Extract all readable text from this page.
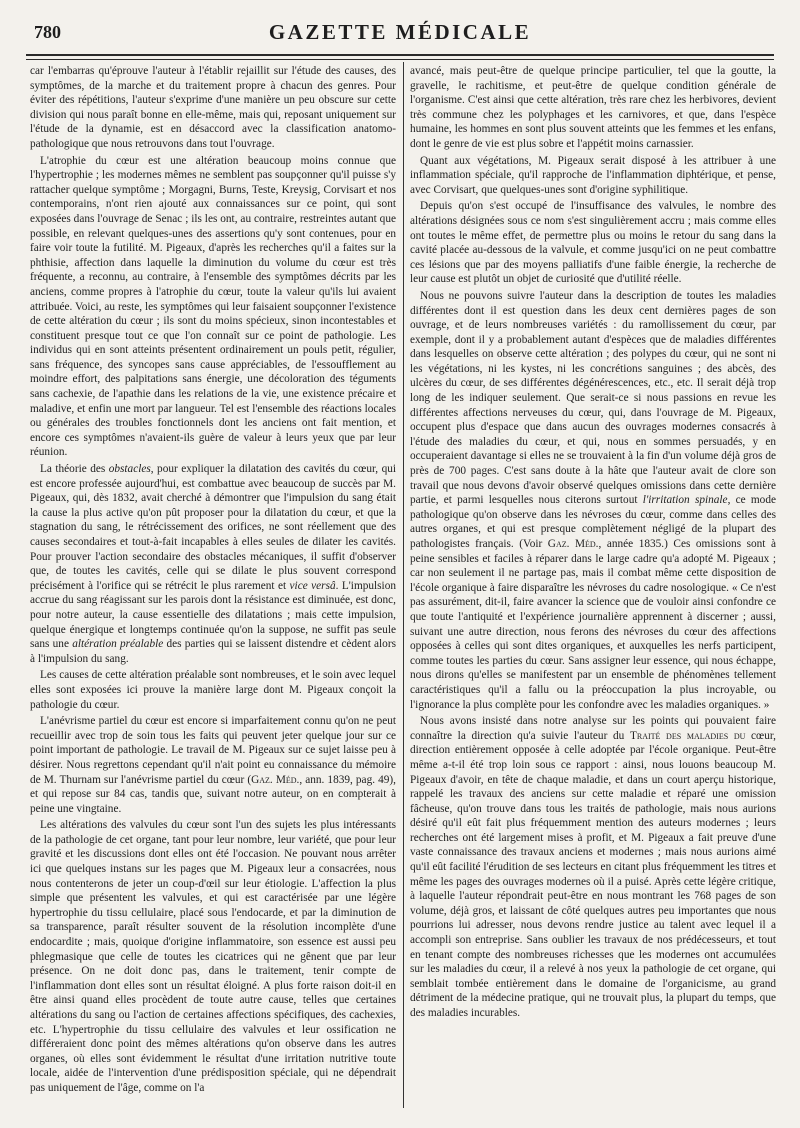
780	GAZETTE MÉDICALE

car l'embarras qu'éprouve l'auteur à l'établir rejaillit sur l'étude des causes, des symptômes, de la marche et du traitement propre à chacun des genres. Pour éviter des répétitions, l'auteur s'exprime d'une manière un peu obscure sur cette division qui nous paraît bonne en elle-même, mais qui, reposant uniquement sur l'étude de la dynamie, est en désaccord avec la classification anatomo-pathologique que nous retrouvons dans tout l'ouvrage.

L'atrophie du cœur est une altération beaucoup moins connue que l'hypertrophie ; les modernes mêmes ne semblent pas soupçonner qu'il puisse s'y rattacher quelque symptôme ; Morgagni, Burns, Teste, Kreysig, Corvisart et nos contemporains, n'ont rien ajouté aux connaissances sur ce point, qui sont exposées dans l'ouvrage de Senac ; ils les ont, au contraire, restreintes autant que possible, en relevant quelques-unes des assertions qu'y sont contenues, pour en faire voir toute la futilité. M. Pigeaux, d'après les recherches qu'il a faites sur la phthisie, affection dans laquelle la diminution du volume du cœur est très fréquente, a reconnu, au contraire, à l'ensemble des symptômes décrits par les anciens, comme propres à l'atrophie du cœur, toute la valeur qu'ils lui avaient attribuée. Voici, au reste, les symptômes qui leur faisaient soupçonner l'existence de cette altération du cœur ; ils sont du moins spécieux, sinon incontestables et constituent presque tout ce que l'on connaît sur ce point de pathologie. Les individus qui en sont atteints présentent ordinairement un pouls petit, régulier, sans fréquence, des syncopes sans cause appréciables, de l'essoufflement au moindre effort, des palpitations sans énergie, une décoloration des téguments sans cachexie, de l'apathie dans les relations de la vie, une existence précaire et maladive, et enfin une mort par langueur. Tel est l'ensemble des réactions locales ou générales des troubles fonctionnels dont les anciens ont fait mention, et encore ces symptômes n'avaient-ils guère de valeur à leurs yeux que par leur réunion.

La théorie des obstacles, pour expliquer la dilatation des cavités du cœur, qui est encore professée aujourd'hui, est combattue avec beaucoup de succès par M. Pigeaux, qui, dès 1832, avait cherché à démontrer que l'impulsion du sang était la cause la plus active qu'on pût proposer pour la dilatation du cœur, et que la stagnation du sang, le rétrécissement des orifices, ne sont réellement que des causes secondaires et tout-à-fait incapables à elles seules de dilater les cavités. Pour prouver l'action secondaire des obstacles mécaniques, il suffit d'observer que, de toutes les cavités, celle qui se dilate le plus souvent correspond précisément à l'orifice qui se rétrécit le plus rarement et vice versâ. L'impulsion accrue du sang réagissant sur les parois dont la résistance est diminuée, est donc, pour notre auteur, la cause essentielle des dilatations ; mais cette impulsion, quelque énergique et longtemps continuée qu'on la suppose, ne suffit pas seule sans une altération préalable des parties qui se laissent distendre et cèdent alors à l'impulsion du sang.

Les causes de cette altération préalable sont nombreuses, et le soin avec lequel elles sont exposées ici prouve la manière large dont M. Pigeaux conçoit la pathologie du cœur.

L'anévrisme partiel du cœur est encore si imparfaitement connu qu'on ne peut recueillir avec trop de soin tous les faits qui peuvent jeter quelque jour sur ce point important de pathologie. Le travail de M. Pigeaux sur ce sujet laisse peu à désirer. Nous regrettons cependant qu'il n'ait point eu connaissance du mémoire de M. Thurnam sur l'anévrisme partiel du cœur (Gaz. Méd., ann. 1839, pag. 49), et qui repose sur 84 cas, tandis que, suivant notre auteur, on en compterait à peine une vingtaine.

Les altérations des valvules du cœur sont l'un des sujets les plus intéressants de la pathologie de cet organe, tant pour leur nombre, leur variété, que pour leur gravité et les discussions dont elles ont été l'occasion. Ne pouvant nous arrêter ici que quelques instans sur les pages que M. Pigeaux leur a consacrées, nous nous contenterons de jeter un coup-d'œil sur leur étiologie. L'affection la plus simple que présentent les valvules, et qui est caractérisée par une légère hypertrophie du tissu cellulaire, placé sous l'endocarde, et par la diminution de sa transparence, paraît résulter souvent de la résolution incomplète d'une endocardite ; mais, quoique d'origine inflammatoire, son essence est aussi peu phlegmasique que celle de toutes les cicatrices qui ne gênent que par leur présence. On ne doit donc pas, dans le traitement, tenir compte de l'inflammation dont elles sont un résultat éloigné. A plus forte raison doit-il en être ainsi quand elles procèdent de toute autre cause, telles que certaines altérations du sang ou l'action de certaines affections spécifiques, des cachexies, etc. L'hypertrophie du tissu cellulaire des valvules et leur ossification ne différeraient donc point des mêmes altérations qu'on observe dans les autres organes, où elles sont évidemment le résultat d'une irritation nutritive toute locale, aidée de l'intervention d'une prédisposition spéciale, qui ne dépendrait pas uniquement de l'âge, comme on l'a

avancé, mais peut-être de quelque principe particulier, tel que la goutte, la gravelle, le rachitisme, et peut-être de quelque condition générale de l'organisme. C'est ainsi que cette altération, très rare chez les herbivores, devient très commune chez les polyphages et les carnivores, et que, dans l'espèce humaine, les hommes en sont plus souvent atteints que les femmes et les enfans, dont le genre de vie est plus sobre et l'appétit moins carnassier.

Quant aux végétations, M. Pigeaux serait disposé à les attribuer à une inflammation spéciale, qu'il rapproche de l'inflammation diphtérique, et pense, avec Corvisart, que quelques-unes sont d'origine syphilitique.

Depuis qu'on s'est occupé de l'insuffisance des valvules, le nombre des altérations désignées sous ce nom s'est singulièrement accru ; mais comme elles ont toutes le même effet, de permettre plus ou moins le retour du sang dans la cavité placée au-dessous de la valvule, et comme jusqu'ici on ne peut combattre ces lésions que par des moyens palliatifs d'une faible énergie, la recherche de leur cause est plutôt un objet de curiosité que d'utilité réelle.

Nous ne pouvons suivre l'auteur dans la description de toutes les maladies différentes dont il est question dans les deux cent dernières pages de son ouvrage, et de leurs nombreuses variétés : du ramollissement du cœur, par exemple, dont il y a probablement autant d'espèces que de maladies différentes dans lesquelles on observe cette altération ; des polypes du cœur, qui ne sont ni les végétations, ni les kystes, ni les concrétions sanguines ; des abcès, des ulcères du cœur, de ses différentes dégénérescences, etc., etc. Il serait déjà trop long de les indiquer seulement. Que serait-ce si nous passions en revue les différentes affections nerveuses du cœur, qui, dans l'ouvrage de M. Pigeaux, occupent plus d'espace que dans aucun des ouvrages modernes consacrés à l'étude des maladies du cœur, et qui, nous en sommes persuadés, y en occuperaient davantage si elles ne se trouvaient à la fin d'un volume déjà gros de près de 700 pages. C'est sans doute à la hâte que l'auteur avait de clore son travail que nous devons d'avoir observé quelques omissions dans cette dernière partie, et parmi lesquelles nous citerons surtout l'irritation spinale, ce mode pathologique qu'on observe dans les névroses du cœur, comme dans celles des autres organes, et qui est presque complètement négligé de la plupart des pathologistes français. (Voir Gaz. Méd., année 1835.) Ces omissions sont à peine sensibles et faciles à réparer dans le large cadre qu'a adopté M. Pigeaux ; car non seulement il ne partage pas, mais il combat même cette disposition de l'école organique à faire disparaître les névroses du cadre nosologique. « Ce n'est pas assurément, dit-il, faire avancer la science que de vouloir ainsi confondre ce que toute l'antiquité et l'expérience journalière apprennent à discerner ; aussi, suivant une autre direction, nous ferons des névroses du cœur des affections opposées à celles qui sont dites organiques, et auxquelles les nerfs participent, comme toutes les parties du cœur. Sans assigner leur essence, qui nous échappe, nous dirons qu'elles se manifestent par un ensemble de phénomènes tellement caractéristiques qu'il a fallu ou la préoccupation la plus incroyable, ou l'ignorance la plus complète pour les confondre avec les maladies organiques. »

Nous avons insisté dans notre analyse sur les points qui pouvaient faire connaître la direction qu'a suivie l'auteur du Traité des maladies du cœur, direction entièrement opposée à celle adoptée par l'école organique. Peut-être même a-t-il été trop loin sous ce rapport : ainsi, nous louons beaucoup M. Pigeaux d'avoir, en tête de chaque maladie, et dans un court aperçu historique, rappelé les travaux des anciens sur cette maladie et réparé une omission fâcheuse, qu'on trouve dans tous les traités de pathologie, mais nous aurions désiré qu'il eût fait plus fréquemment mention des auteurs modernes ; leurs recherches ont été largement mises à profit, et M. Pigeaux a fait preuve d'une vaste connaissance des travaux anciens et modernes ; mais nous aurions aimé qu'il eût facilité l'érudition de ses lecteurs en citant plus fréquemment les titres et même les pages des ouvrages modernes où il a puisé. Après cette légère critique, à laquelle l'auteur répondrait peut-être en nous montrant les 768 pages de son volume, déjà gros, et laissant de côté quelques autres peu importantes que nous pourrions lui adresser, nous devons rendre justice au talent avec lequel il a accompli son entreprise. Sans oublier les travaux de nos prédécesseurs, et tout en tenant compte des nombreuses richesses que les modernes ont accumulées sur les maladies du cœur, il a relevé à nos yeux la pathologie de cet organe, qui semblait tombée entièrement dans le domaine de l'organicisme, au grand détriment de la médecine pratique, qui ne trouvait plus, la plupart du temps, que des maladies incurables.
